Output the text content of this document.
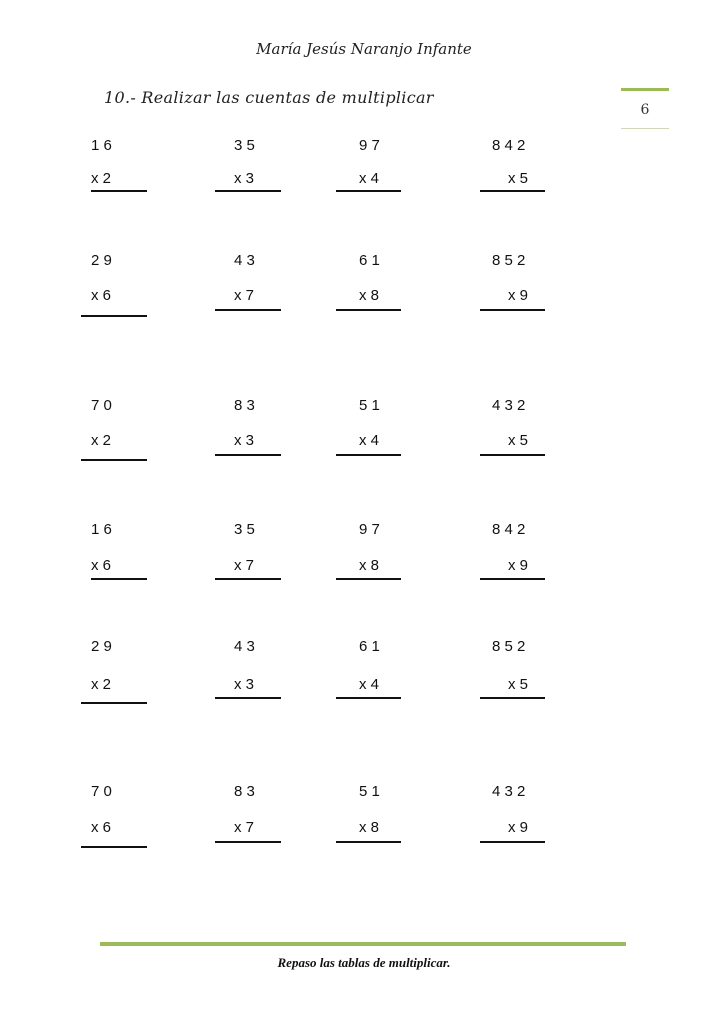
María Jesús Naranjo Infante
10.- Realizar las cuentas de multiplicar
6
1 6
x 2
3 5
x 3
9 7
x 4
8 4 2
x 5
2 9
x 6
4 3
x 7
6 1
x 8
8 5 2
x 9
7 0
x 2
8 3
x 3
5 1
x 4
4 3 2
x 5
1 6
x 6
3 5
x 7
9 7
x 8
8 4 2
x 9
2 9
x 2
4 3
x 3
6 1
x 4
8 5 2
x 5
7 0
x 6
8 3
x 7
5 1
x 8
4 3 2
x 9
Repaso las tablas de multiplicar.
